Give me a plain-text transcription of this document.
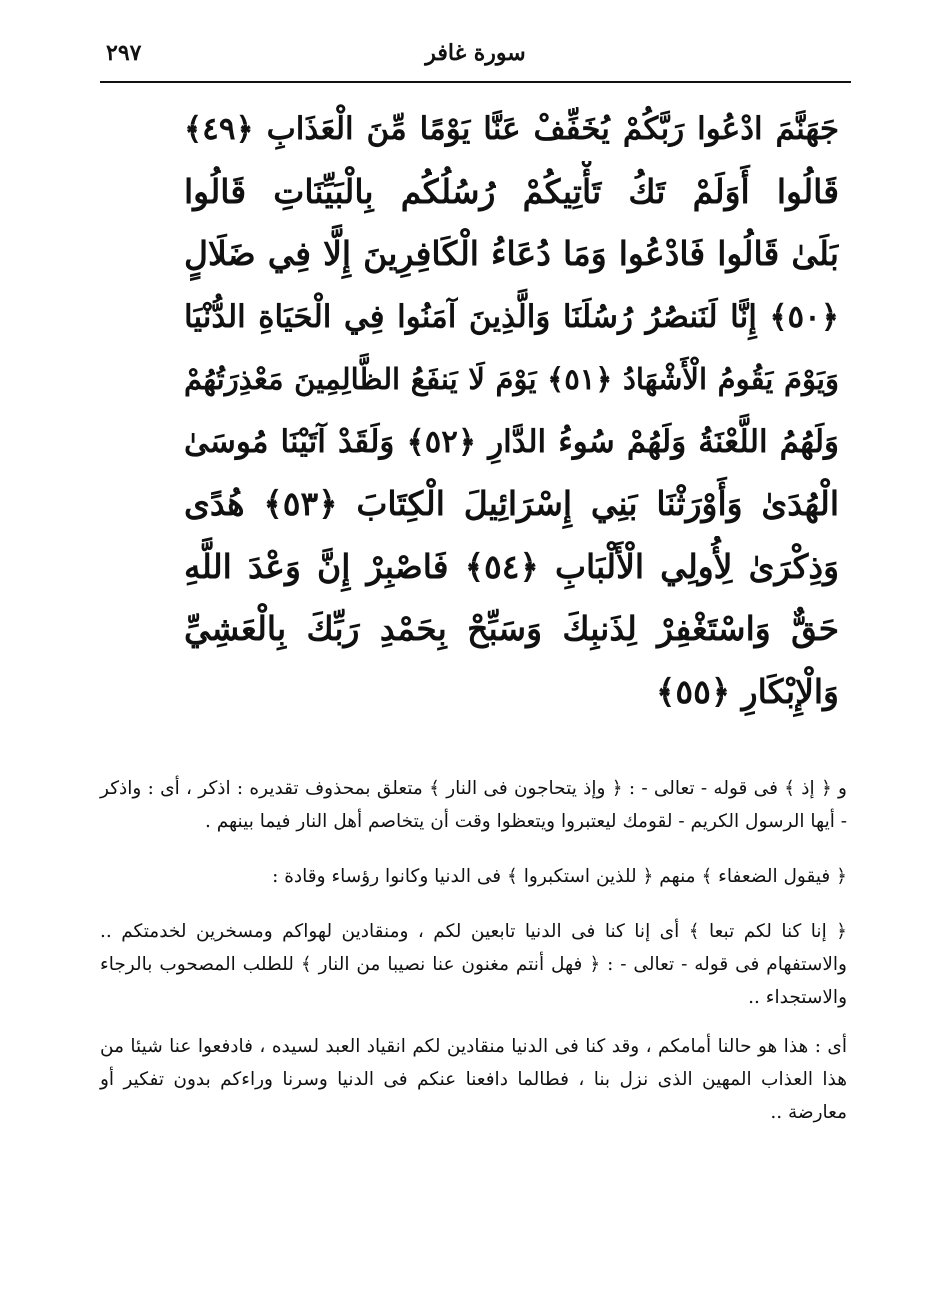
سورة غافر
٢٩٧
جَهَنَّمَ ادْعُوا رَبَّكُمْ يُخَفِّفْ عَنَّا يَوْمًا مِّنَ الْعَذَابِ ﴿٤٩﴾
قَالُوا أَوَلَمْ تَكُ تَأْتِيكُمْ رُسُلُكُم بِالْبَيِّنَاتِ قَالُوا
بَلَىٰ قَالُوا فَادْعُوا وَمَا دُعَاءُ الْكَافِرِينَ إِلَّا فِي ضَلَالٍ
﴿٥٠﴾ إِنَّا لَنَنصُرُ رُسُلَنَا وَالَّذِينَ آمَنُوا فِي الْحَيَاةِ الدُّنْيَا
وَيَوْمَ يَقُومُ الْأَشْهَادُ ﴿٥١﴾ يَوْمَ لَا يَنفَعُ الظَّالِمِينَ مَعْذِرَتُهُمْ
وَلَهُمُ اللَّعْنَةُ وَلَهُمْ سُوءُ الدَّارِ ﴿٥٢﴾ وَلَقَدْ آتَيْنَا مُوسَىٰ
الْهُدَىٰ وَأَوْرَثْنَا بَنِي إِسْرَائِيلَ الْكِتَابَ ﴿٥٣﴾ هُدًى
وَذِكْرَىٰ لِأُولِي الْأَلْبَابِ ﴿٥٤﴾ فَاصْبِرْ إِنَّ وَعْدَ اللَّهِ
حَقٌّ وَاسْتَغْفِرْ لِذَنبِكَ وَسَبِّحْ بِحَمْدِ رَبِّكَ بِالْعَشِيِّ
وَالْإِبْكَارِ ﴿٥٥﴾

و ﴿ إذ ﴾ فى قوله - تعالى - : ﴿ وإذ يتحاجون فى النار ﴾ متعلق بمحذوف تقديره : اذكر ، أى : واذكر - أيها الرسول الكريم - لقومك ليعتبروا ويتعظوا وقت أن يتخاصم أهل النار فيما بينهم .

﴿ فيقول الضعفاء ﴾ منهم ﴿ للذين استكبروا ﴾ فى الدنيا وكانوا رؤساء وقادة :

﴿ إنا كنا لكم تبعا ﴾ أى إنا كنا فى الدنيا تابعين لكم ، ومنقادين لهواكم ومسخرين لخدمتكم .. والاستفهام فى قوله - تعالى - : ﴿ فهل أنتم مغنون عنا نصيبا من النار ﴾ للطلب المصحوب بالرجاء والاستجداء ..

أى : هذا هو حالنا أمامكم ، وقد كنا فى الدنيا منقادين لكم انقياد العبد لسيده ، فادفعوا عنا شيئا من هذا العذاب المهين الذى نزل بنا ، فطالما دافعنا عنكم فى الدنيا وسرنا وراءكم بدون تفكير أو معارضة ..
